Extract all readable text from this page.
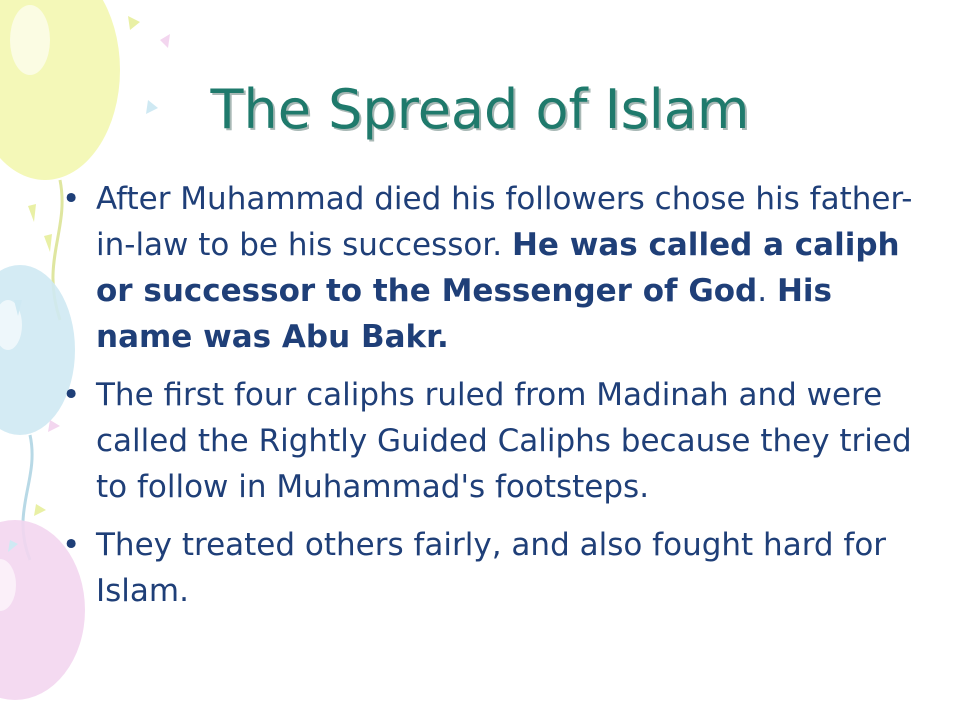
The Spread of Islam
• After Muhammad died his followers chose his father-in-law to be his successor. He was called a caliph or successor to the Messenger of God. His name was Abu Bakr.
• The first four caliphs ruled from Madinah and were called the Rightly Guided Caliphs because they tried to follow in Muhammad's footsteps.
• They treated others fairly, and also fought hard for Islam.
